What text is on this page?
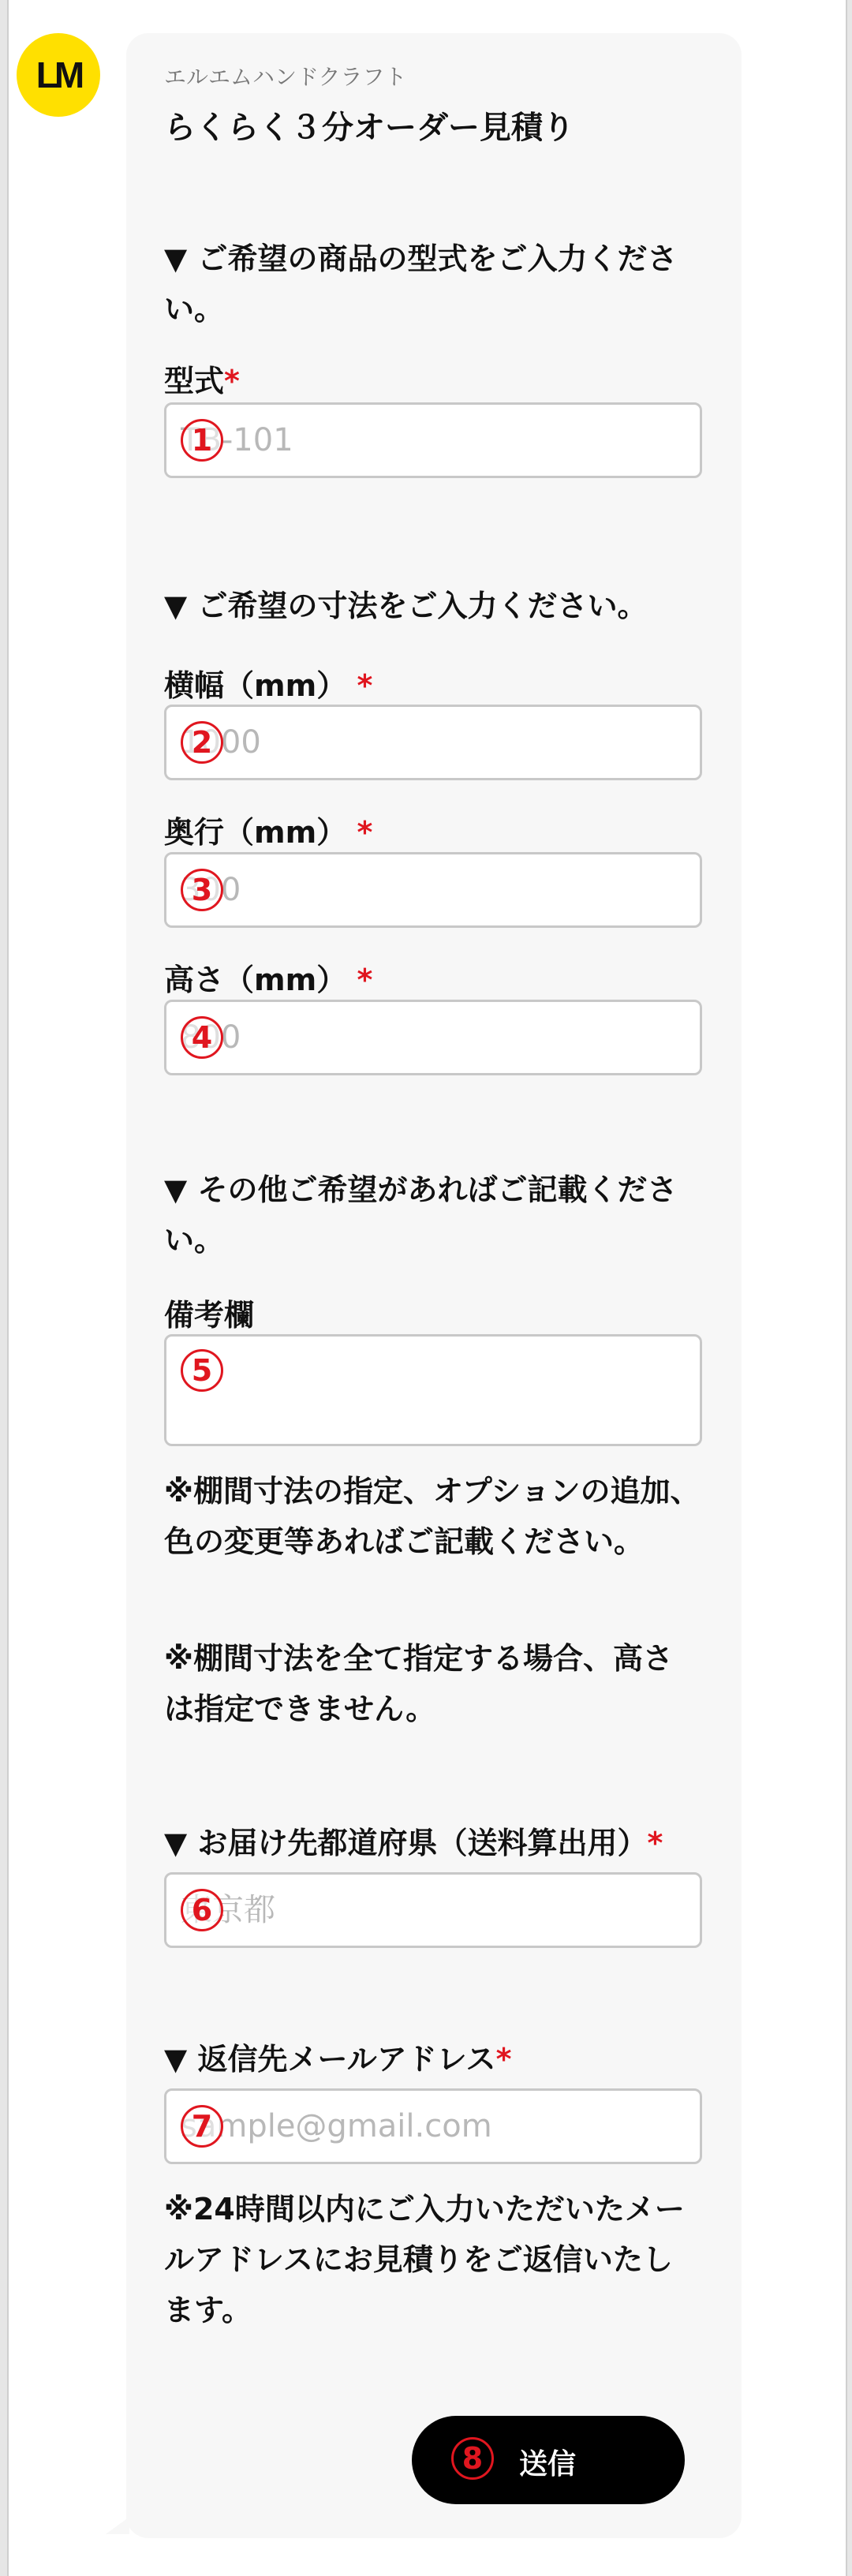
LM	エルエムハンドクラフト

らくらく３分オーダー見積り

▼ ご希望の商品の型式をご入力ください。

型式*

TB-101
1

▼ ご希望の寸法をご入力ください。

横幅（mm） *

1000
2

奥行（mm） *

300
3

高さ（mm） *

800
4

▼ その他ご希望があればご記載ください。

備考欄

5

※棚間寸法の指定、オプションの追加、色の変更等あればご記載ください。

※棚間寸法を全て指定する場合、高さは指定できません。

▼ お届け先都道府県（送料算出用）*

東京都
6

▼ 返信先メールアドレス*

sample@gmail.com
7

※24時間以内にご入力いただいたメールアドレスにお見積りをご返信いたします。

8	送信
